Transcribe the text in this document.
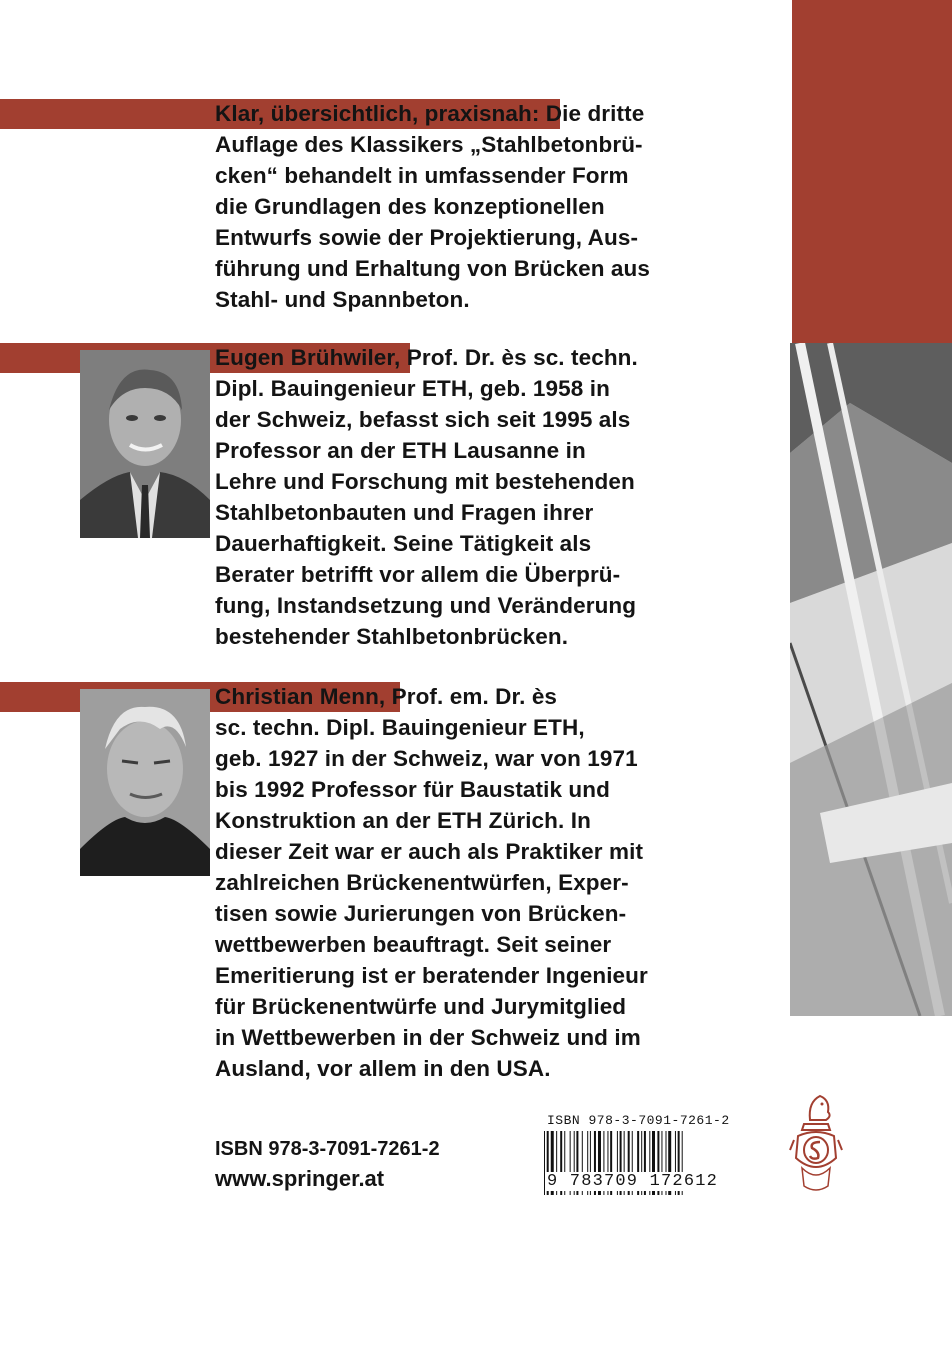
Klar, übersichtlich, praxisnah: Die dritte
Auflage des Klassikers „Stahlbetonbrü-
cken“ behandelt in umfassender Form
die Grundlagen des konzeptionellen
Entwurfs sowie der Projektierung, Aus-
führung und Erhaltung von Brücken aus
Stahl- und Spannbeton.
Eugen Brühwiler, Prof. Dr. ès sc. techn.
Dipl. Bauingenieur ETH, geb. 1958 in
der Schweiz, befasst sich seit 1995 als
Professor an der ETH Lausanne in
Lehre und Forschung mit bestehenden
Stahlbetonbauten und Fragen ihrer
Dauerhaftigkeit. Seine Tätigkeit als
Berater betrifft vor allem die Überprü-
fung, Instandsetzung und Veränderung
bestehender Stahlbetonbrücken.
Christian Menn, Prof. em. Dr. ès
sc. techn. Dipl. Bauingenieur ETH,
geb. 1927 in der Schweiz, war von 1971
bis 1992 Professor für Baustatik und
Konstruktion an der ETH Zürich. In
dieser Zeit war er auch als Praktiker mit
zahlreichen Brückenentwürfen, Exper-
tisen sowie Jurierungen von Brücken-
wettbewerben beauftragt. Seit seiner
Emeritierung ist er beratender Ingenieur
für Brückenentwürfe und Jurymitglied
in Wettbewerben in der Schweiz und im
Ausland, vor allem in den USA.
ISBN 978-3-7091-7261-2
www.springer.at
ISBN 978-3-7091-7261-2
9 783709 172612
